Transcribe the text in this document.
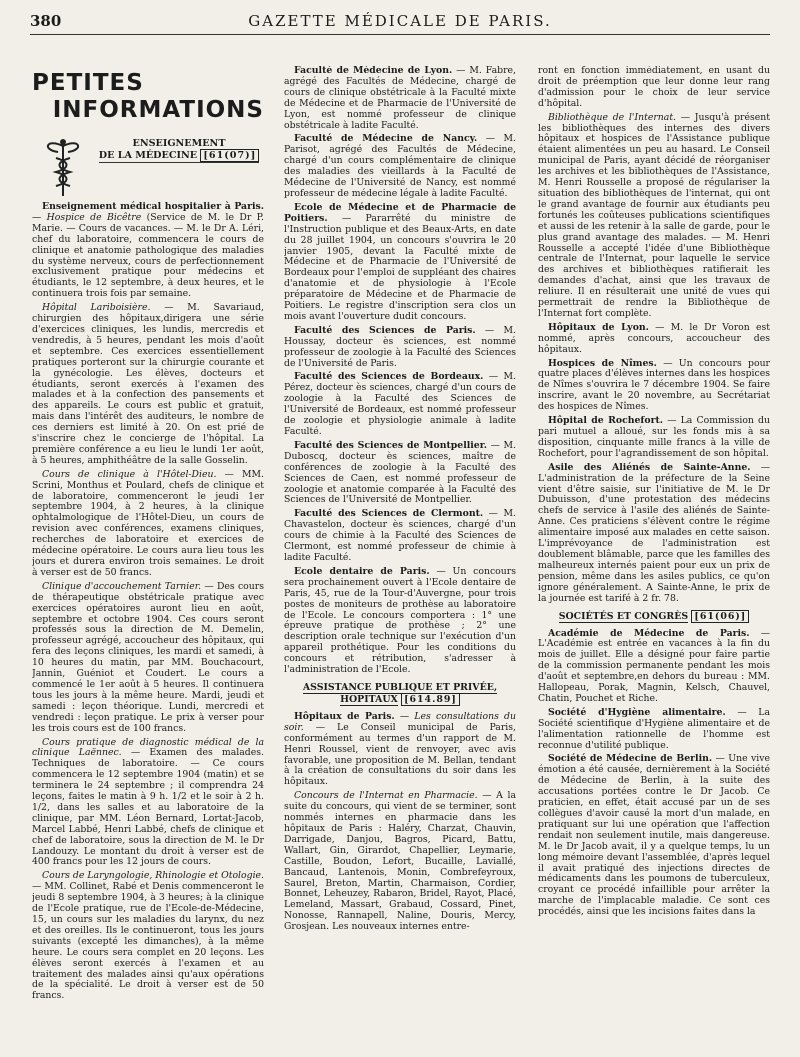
380	GAZETTE MÉDICALE DE PARIS.
PETITES
INFORMATIONS
ENSEIGNEMENT
DE LA MÉDECINE [61(07)]

Enseignement médical hospitalier à Paris. — Hospice de Bicêtre (Service de M. le Dr P. Marie. — Cours de vacances. — M. le Dr A. Léri, chef du laboratoire, commencera le cours de clinique et anatomie pathologique des maladies du système nerveux, cours de perfectionnement exclusivement pratique pour médecins et étudiants, le 12 septembre, à deux heures, et le continuera trois fois par semaine.

Hôpital Lariboisière. — M. Savariaud, chirurgien des hôpitaux,dirigera une série d'exercices cliniques, les lundis, mercredis et vendredis, à 5 heures, pendant les mois d'août et septembre. Ces exercices essentiellement pratiques porteront sur la chirurgie courante et la gynécologie. Les élèves, docteurs et étudiants, seront exercés à l'examen des malades et à la confection des pansements et des appareils. Le cours est public et gratuit, mais dans l'intérêt des auditeurs, le nombre de ces derniers est limité à 20. On est prié de s'inscrire chez le concierge de l'hôpital. La première conférence a eu lieu le lundi 1er août, à 5 heures, amphithéâtre de la salle Gosselin.

Cours de clinique à l'Hôtel-Dieu. — MM. Scrini, Monthus et Poulard, chefs de clinique et de laboratoire, commenceront le jeudi 1er septembre 1904, à 2 heures, à la clinique ophtalmologique de l'Hôtel-Dieu, un cours de revision avec conférences, examens cliniques, recherches de laboratoire et exercices de médecine opératoire. Le cours aura lieu tous les jours et durera environ trois semaines. Le droit à verser est de 50 francs.

Clinique d'accouchement Tarnier. — Des cours de thérapeutique obstétricale pratique avec exercices opératoires auront lieu en août, septembre et octobre 1904. Ces cours seront professés sous la direction de M. Demelin, professeur agrégé, accoucheur des hôpitaux, qui fera des leçons cliniques, les mardi et samedi, à 10 heures du matin, par MM. Bouchacourt, Jannin, Guéniot et Coudert. Le cours a commencé le 1er août à 5 heures. Il continuera tous les jours à la même heure. Mardi, jeudi et samedi : leçon théorique. Lundi, mercredi et vendredi : leçon pratique. Le prix à verser pour les trois cours est de 100 francs.

Cours pratique de diagnostic médical de la clinique Laënnec. — Examen des malades. Techniques de laboratoire. — Ce cours commencera le 12 septembre 1904 (matin) et se terminera le 24 septembre ; il comprendra 24 leçons, faites le matin à 9 h. 1/2 et le soir à 2 h. 1/2, dans les salles et au laboratoire de la clinique, par MM. Léon Bernard, Lortat-Jacob, Marcel Labbé, Henri Labbé, chefs de clinique et chef de laboratoire, sous la direction de M. le Dr Landouzy. Le montant du droit à verser est de 400 francs pour les 12 jours de cours.

Cours de Laryngologie, Rhinologie et Otologie. — MM. Collinet, Rabé et Denis commenceront le jeudi 8 septembre 1904, à 3 heures; à la clinique de l'Ecole pratique, rue de l'Ecole-de-Médecine, 15, un cours sur les maladies du larynx, du nez et des oreilles. Ils le continueront, tous les jours suivants (excepté les dimanches), à la même heure. Le cours sera complet en 20 leçons. Les élèves seront exercés à l'examen et au traitement des malades ainsi qu'aux opérations de la spécialité. Le droit à verser est de 50 francs.

Faculté de Médecine de Lyon. — M. Fabre, agrégé des Facultés de Médecine, chargé de cours de clinique obstétricale à la Faculté mixte de Médecine et de Pharmacie de l'Université de Lyon, est nommé professeur de clinique obstétricale à ladite Faculté.

Faculté de Médecine de Nancy. — M. Parisot, agrégé des Facultés de Médecine, chargé d'un cours complémentaire de clinique des maladies des vieillards à la Faculté de Médecine de l'Université de Nancy, est nommé professeur de médecine légale à ladite Faculté.

Ecole de Médecine et de Pharmacie de Poitiers. — Pararrêté du ministre de l'Instruction publique et des Beaux-Arts, en date du 28 juillet 1904, un concours s'ouvrira le 20 janvier 1905, devant la Faculté mixte de Médecine et de Pharmacie de l'Université de Bordeaux pour l'emploi de suppléant des chaires d'anatomie et de physiologie à l'Ecole préparatoire de Médecine et de Pharmacie de Poitiers. Le registre d'inscription sera clos un mois avant l'ouverture dudit concours.

Faculté des Sciences de Paris. — M. Houssay, docteur ès sciences, est nommé professeur de zoologie à la Faculté des Sciences de l'Université de Paris.

Faculté des Sciences de Bordeaux. — M. Pérez, docteur ès sciences, chargé d'un cours de zoologie à la Faculté des Sciences de l'Université de Bordeaux, est nommé professeur de zoologie et physiologie animale à ladite Faculté.

Faculté des Sciences de Montpellier. — M. Duboscq, docteur ès sciences, maître de conférences de zoologie à la Faculté des Sciences de Caen, est nommé professeur de zoologie et anatomie comparée à la Faculté des Sciences de l'Université de Montpellier.

Faculté des Sciences de Clermont. — M. Chavastelon, docteur ès sciences, chargé d'un cours de chimie à la Faculté des Sciences de Clermont, est nommé professeur de chimie à ladite Faculté.

Ecole dentaire de Paris. — Un concours sera prochainement ouvert à l'Ecole dentaire de Paris, 45, rue de la Tour-d'Auvergne, pour trois postes de moniteurs de prothèse au laboratoire de l'Ecole. Le concours comportera : 1° une épreuve pratique de prothèse ; 2° une description orale technique sur l'exécution d'un appareil prothétique. Pour les conditions du concours et rétribution, s'adresser à l'administration de l'Ecole.

ASSISTANCE PUBLIQUE ET PRIVÉE,
HOPITAUX [614.89]

Hôpitaux de Paris. — Les consultations du soir. — Le Conseil municipal de Paris, conformément au termes d'un rapport de M. Henri Roussel, vient de renvoyer, avec avis favorable, une proposition de M. Bellan, tendant à la création de consultations du soir dans les hôpitaux.

Concours de l'Internat en Pharmacie. — A la suite du concours, qui vient de se terminer, sont nommés internes en pharmacie dans les hôpitaux de Paris : Haléry, Charzat, Chauvin, Darrigade, Danjou, Bagros, Picard, Battu, Wallart, Gin, Girardot, Chapellier, Leymarie, Castille, Boudon, Lefort, Bucaille, Laviallé, Bancaud, Lantenois, Monin, Combrefeyroux, Saurel, Breton, Martin, Charmaison, Cordier, Bonnet, Leheuzey, Rabaron, Bridel, Rayot, Placé, Lemeland, Massart, Grabaud, Cossard, Pinet, Nonosse, Rannapell, Naline, Douris, Mercy, Grosjean. Les nouveaux internes entre-

ront en fonction immédiatement, en usant du droit de préemption que leur donne leur rang d'admission pour le choix de leur service d'hôpital.

Bibliothèque de l'Internat. — Jusqu'à présent les bibliothèques des internes des divers hôpitaux et hospices de l'Assistance publique étaient alimentées un peu au hasard. Le Conseil municipal de Paris, ayant décidé de réorganiser les archives et les bibliothèques de l'Assistance, M. Henri Rousselle a proposé de régulariser la situation des bibliothèques de l'internat, qui ont le grand avantage de fournir aux étudiants peu fortunés les coûteuses publications scientifiques et aussi de les retenir à la salle de garde, pour le plus grand avantage des malades. — M. Henri Rousselle a accepté l'idée d'une Bibliothèque centrale de l'Internat, pour laquelle le service des archives et bibliothèques ratifierait les demandes d'achat, ainsi que les travaux de reliure. Il en résulterait une unité de vues qui permettrait de rendre la Bibliothèque de l'Internat fort complète.

Hôpitaux de Lyon. — M. le Dr Voron est nommé, après concours, accoucheur des hôpitaux.

Hospices de Nîmes. — Un concours pour quatre places d'élèves internes dans les hospices de Nîmes s'ouvrira le 7 décembre 1904. Se faire inscrire, avant le 20 novembre, au Secrétariat des hospices de Nîmes.

Hôpital de Rochefort. — La Commission du pari mutuel a alloué, sur les fonds mis à sa disposition, cinquante mille francs à la ville de Rochefort, pour l'agrandissement de son hôpital.

Asile des Aliénés de Sainte-Anne. — L'administration de la préfecture de la Seine vient d'être saisie, sur l'initiative de M. le Dr Dubuisson, d'une protestation des médecins chefs de service à l'asile des aliénés de Sainte-Anne. Ces praticiens s'élèvent contre le régime alimentaire imposé aux malades en cette saison. L'imprévoyance de l'administration est doublement blâmable, parce que les familles des malheureux internés paient pour eux un prix de pension, même dans les asiles publics, ce qu'on ignore généralement. A Sainte-Anne, le prix de la journée est tarifé à 2 fr. 78.

SOCIÉTÉS ET CONGRÈS [61(06)]

Académie de Médecine de Paris. — L'Académie est entrée en vacances à la fin du mois de juillet. Elle a désigné pour faire partie de la commission permanente pendant les mois d'août et septembre,en dehors du bureau : MM. Hallopeau, Porak, Magnin, Kelsch, Chauvel, Chatin, Pouchet et Riche.

Société d'Hygiène alimentaire. — La Société scientifique d'Hygiène alimentaire et de l'alimentation rationnelle de l'homme est reconnue d'utilité publique.

Société de Médecine de Berlin. — Une vive émotion a été causée, dernièrement à la Société de Médecine de Berlin, à la suite des accusations portées contre le Dr Jacob. Ce praticien, en effet, était accusé par un de ses collègues d'avoir causé la mort d'un malade, en pratiquant sur lui une opération que l'affection rendait non seulement inutile, mais dangereuse. M. le Dr Jacob avait, il y a quelque temps, lu un long mémoire devant l'assemblée, d'après lequel il avait pratiqué des injections directes de médicaments dans les poumons de tuberculeux, croyant ce procédé infaillible pour arrêter la marche de l'implacable maladie. Ce sont ces procédés, ainsi que les incisions faites dans la
